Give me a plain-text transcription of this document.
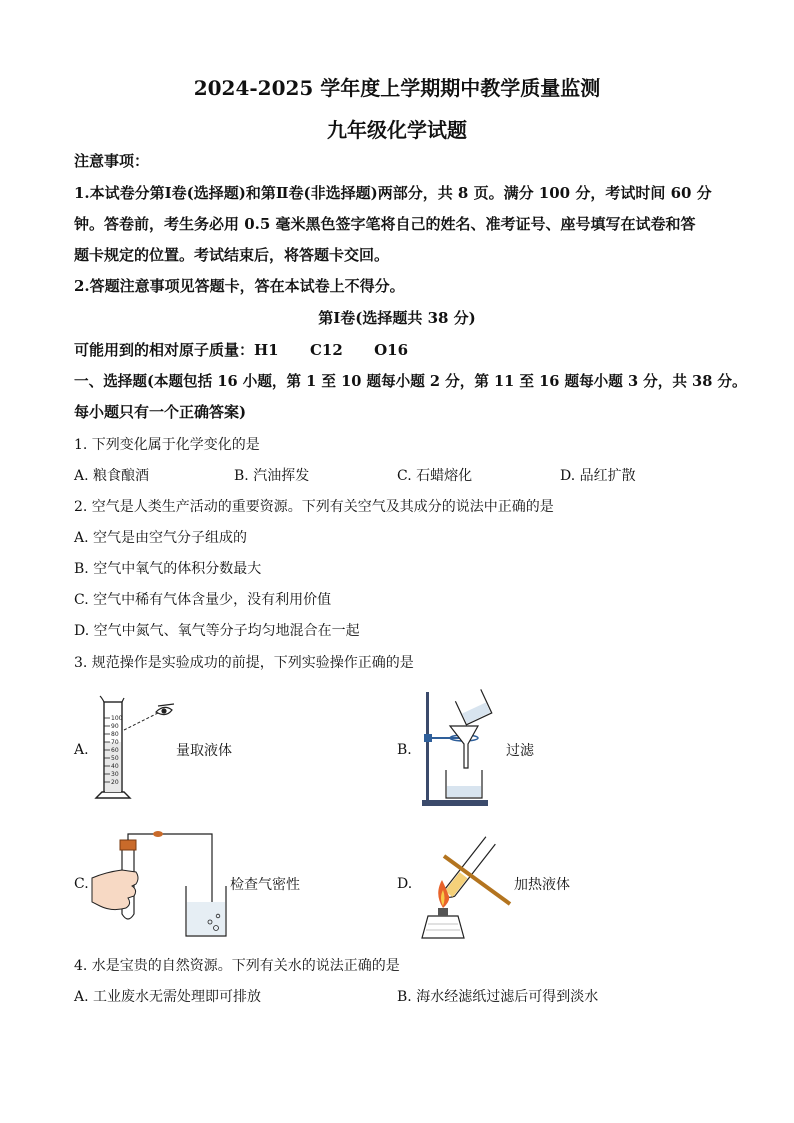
2024-2025 学年度上学期期中教学质量监测
九年级化学试题
注意事项：
1.本试卷分第Ⅰ卷(选择题)和第Ⅱ卷(非选择题)两部分，共 8 页。满分 100 分，考试时间 60 分
钟。答卷前，考生务必用 0.5 毫米黑色签字笔将自己的姓名、准考证号、座号填写在试卷和答
题卡规定的位置。考试结束后，将答题卡交回。
2.答题注意事项见答题卡，答在本试卷上不得分。
第Ⅰ卷(选择题共 38 分)
可能用到的相对原子质量：H1      C12      O16
一、选择题(本题包括 16 小题，第 1 至 10 题每小题 2 分，第 11 至 16 题每小题 3 分，共 38 分。
每小题只有一个正确答案)
1. 下列变化属于化学变化的是
A. 粮食酿酒	B. 汽油挥发	C. 石蜡熔化	D. 品红扩散
2. 空气是人类生产活动的重要资源。下列有关空气及其成分的说法中正确的是
A. 空气是由空气分子组成的
B. 空气中氧气的体积分数最大
C. 空气中稀有气体含量少，没有利用价值
D. 空气中氮气、氧气等分子均匀地混合在一起
3. 规范操作是实验成功的前提，下列实验操作正确的是
A.
100
90
80
70
60
50
40
30
20
量取液体	B.	过滤
C.	检查气密性	D.	加热液体
4. 水是宝贵的自然资源。下列有关水的说法正确的是
A. 工业废水无需处理即可排放	B. 海水经滤纸过滤后可得到淡水
